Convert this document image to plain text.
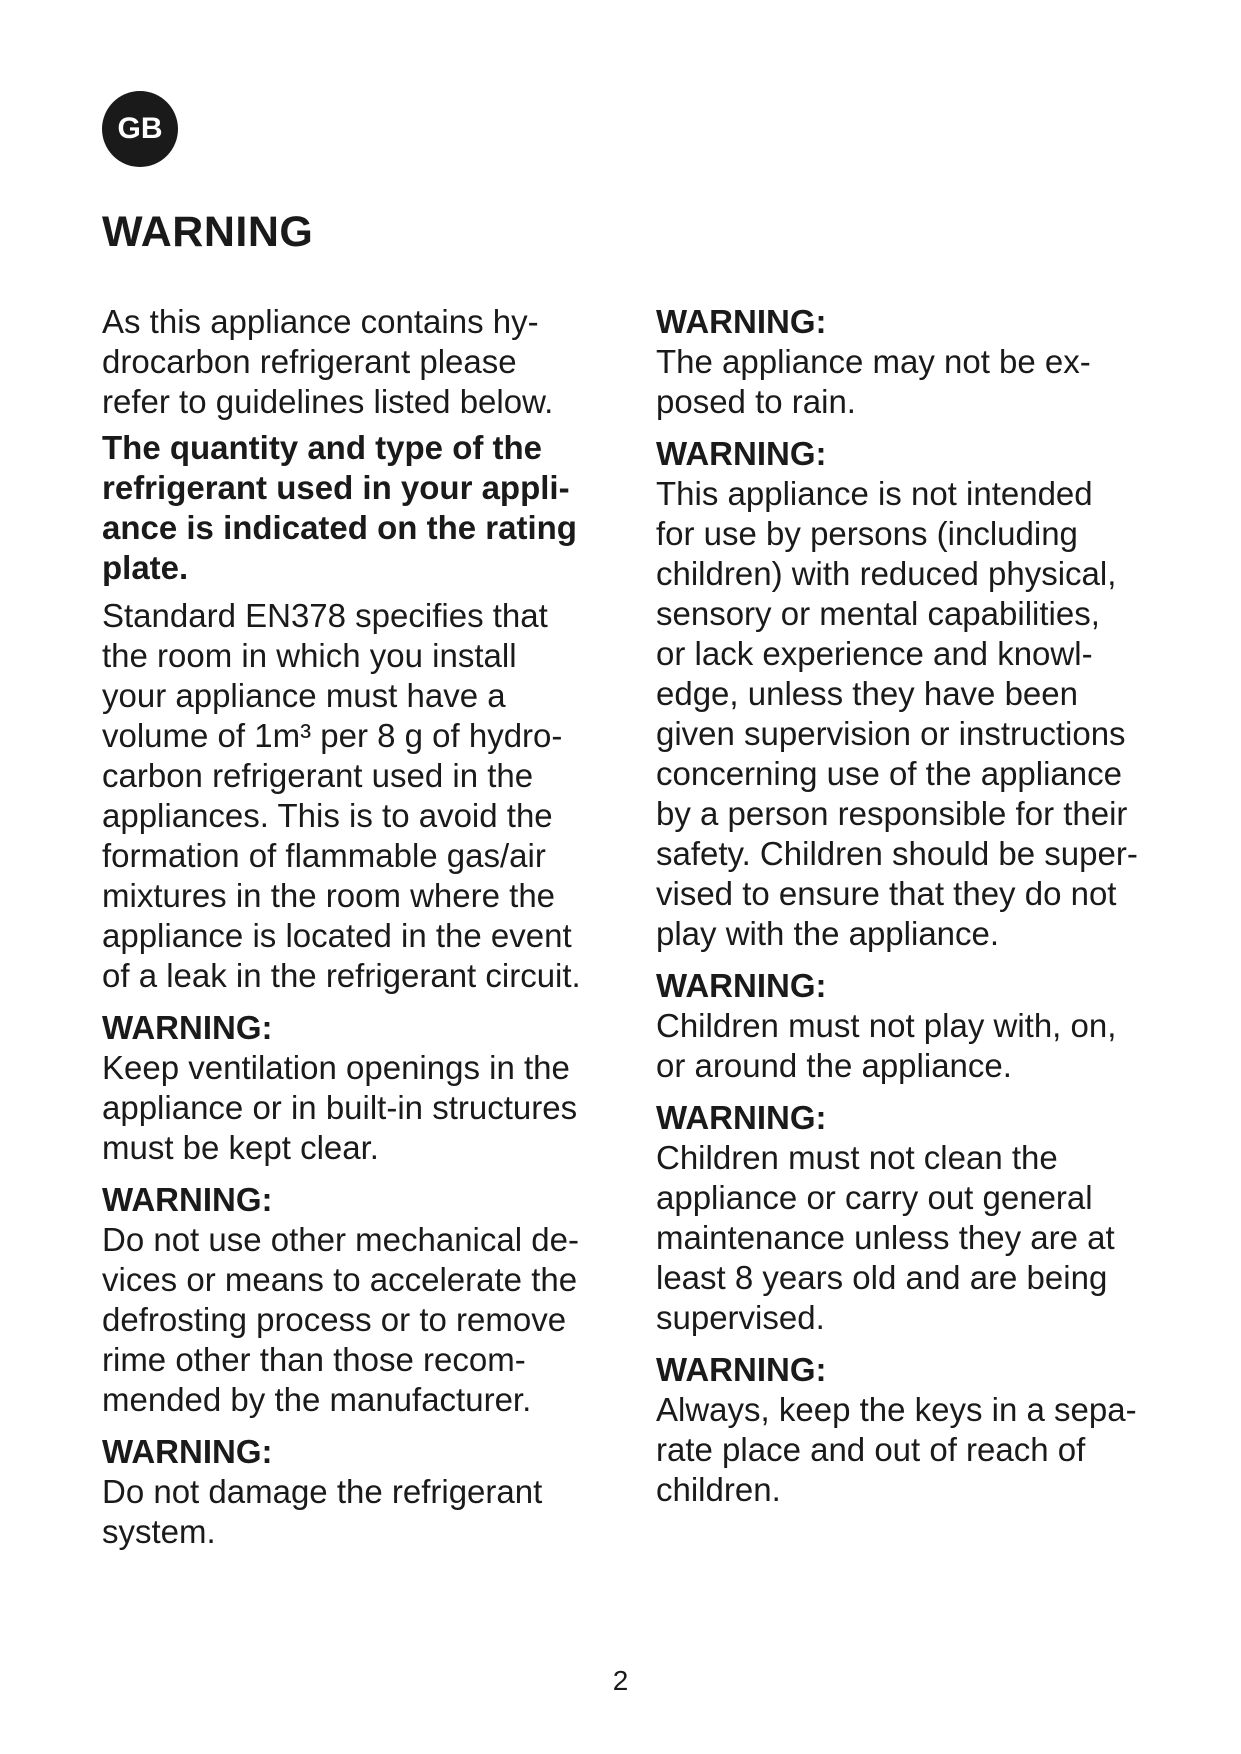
GB
WARNING

As this appliance contains hy-
drocarbon refrigerant please
refer to guidelines listed below.

The quantity and type of the
refrigerant used in your appli-
ance is indicated on the rating
plate.

Standard EN378 specifies that
the room in which you install
your appliance must have a
volume of 1m³ per 8 g of hydro-
carbon refrigerant used in the
appliances. This is to avoid the
formation of flammable gas/air
mixtures in the room where the
appliance is located in the event
of a leak in the refrigerant circuit.

WARNING:

Keep ventilation openings in the
appliance or in built-in structures
must be kept clear.

WARNING:

Do not use other mechanical de-
vices or means to accelerate the
defrosting process or to remove
rime other than those recom-
mended by the manufacturer.

WARNING:

Do not damage the refrigerant
system.

WARNING:

The appliance may not be ex-
posed to rain.

WARNING:

This appliance is not intended
for use by persons (including
children) with reduced physical,
sensory or mental capabilities,
or lack experience and knowl-
edge, unless they have been
given supervision or instructions
concerning use of the appliance
by a person responsible for their
safety. Children should be super-
vised to ensure that they do not
play with the appliance.

WARNING:

Children must not play with, on,
or around the appliance.

WARNING:

Children must not clean the
appliance or carry out general
maintenance unless they are at
least 8 years old and are being
supervised.

WARNING:

Always, keep the keys in a sepa-
rate place and out of reach of
children.

2
